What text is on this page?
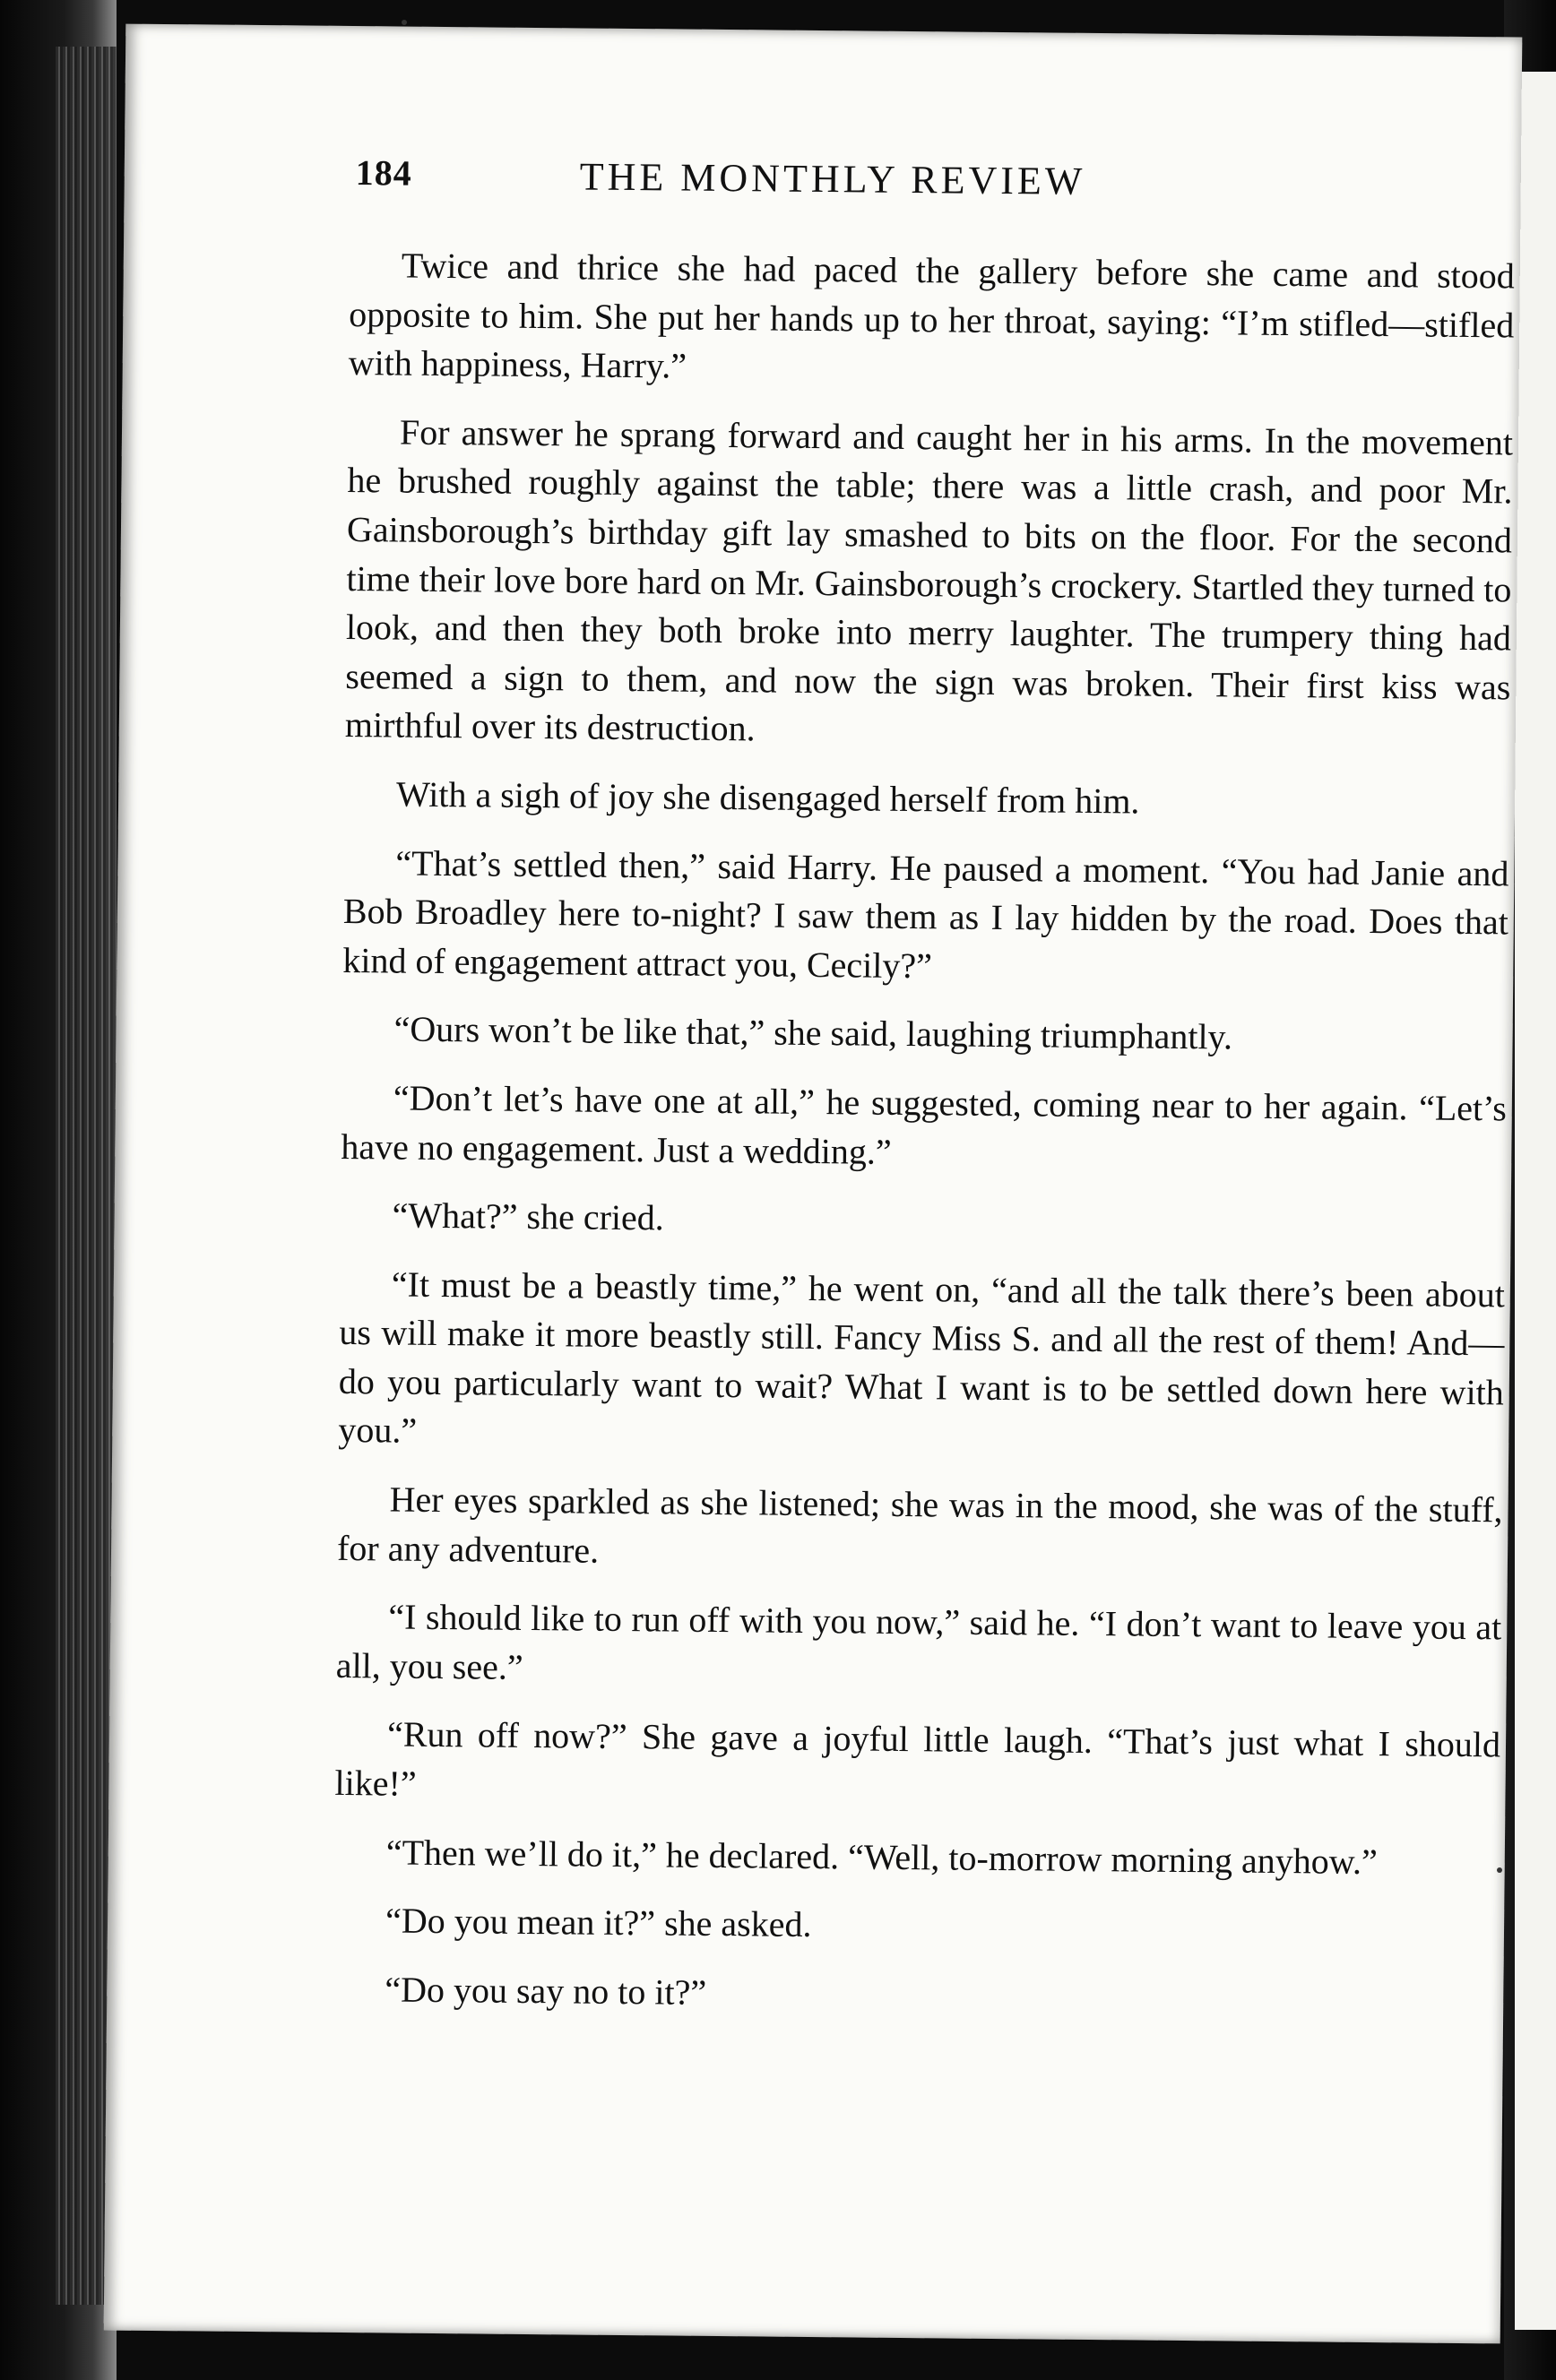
184	THE MONTHLY REVIEW

Twice and thrice she had paced the gallery before she came and stood opposite to him. She put her hands up to her throat, saying: “I’m stifled—stifled with happiness, Harry.”

For answer he sprang forward and caught her in his arms. In the movement he brushed roughly against the table; there was a little crash, and poor Mr. Gainsborough’s birthday gift lay smashed to bits on the floor. For the second time their love bore hard on Mr. Gainsborough’s crockery. Startled they turned to look, and then they both broke into merry laughter. The trumpery thing had seemed a sign to them, and now the sign was broken. Their first kiss was mirthful over its destruction.

With a sigh of joy she disengaged herself from him.

“That’s settled then,” said Harry. He paused a moment. “You had Janie and Bob Broadley here to-night? I saw them as I lay hidden by the road. Does that kind of engagement attract you, Cecily?”

“Ours won’t be like that,” she said, laughing triumphantly.

“Don’t let’s have one at all,” he suggested, coming near to her again. “Let’s have no engagement. Just a wedding.”

“What?” she cried.

“It must be a beastly time,” he went on, “and all the talk there’s been about us will make it more beastly still. Fancy Miss S. and all the rest of them! And—do you particularly want to wait? What I want is to be settled down here with you.”

Her eyes sparkled as she listened; she was in the mood, she was of the stuff, for any adventure.

“I should like to run off with you now,” said he. “I don’t want to leave you at all, you see.”

“Run off now?” She gave a joyful little laugh. “That’s just what I should like!”

“Then we’ll do it,” he declared. “Well, to-morrow morning anyhow.”

“Do you mean it?” she asked.

“Do you say no to it?”
